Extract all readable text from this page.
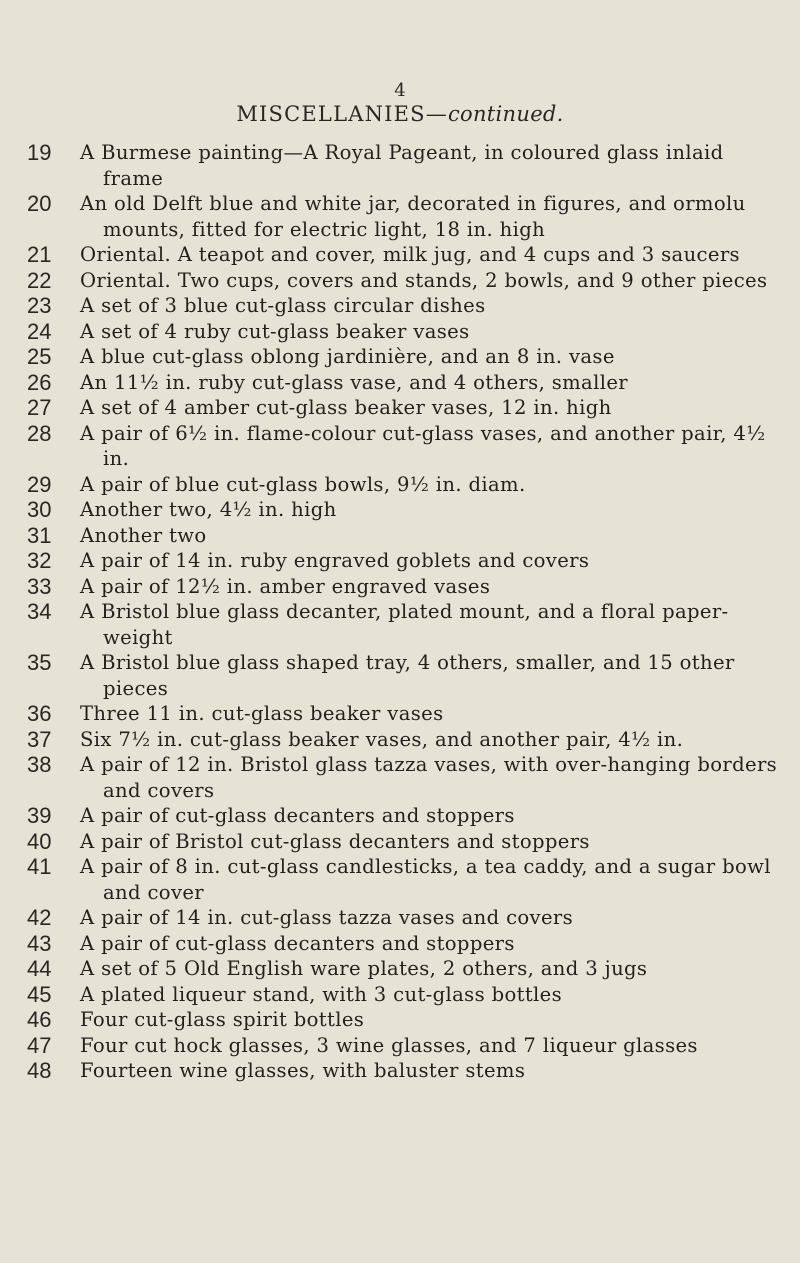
4
MISCELLANIES—continued.
19	A Burmese painting—A Royal Pageant, in coloured glass inlaid frame
20	An old Delft blue and white jar, decorated in figures, and ormolu mounts, fitted for electric light, 18 in. high
21	Oriental. A teapot and cover, milk jug, and 4 cups and 3 saucers
22	Oriental. Two cups, covers and stands, 2 bowls, and 9 other pieces
23	A set of 3 blue cut-glass circular dishes
24	A set of 4 ruby cut-glass beaker vases
25	A blue cut-glass oblong jardinière, and an 8 in. vase
26	An 11½ in. ruby cut-glass vase, and 4 others, smaller
27	A set of 4 amber cut-glass beaker vases, 12 in. high
28	A pair of 6½ in. flame-colour cut-glass vases, and another pair, 4½ in.
29	A pair of blue cut-glass bowls, 9½ in. diam.
30	Another two, 4½ in. high
31	Another two
32	A pair of 14 in. ruby engraved goblets and covers
33	A pair of 12½ in. amber engraved vases
34	A Bristol blue glass decanter, plated mount, and a floral paper-weight
35	A Bristol blue glass shaped tray, 4 others, smaller, and 15 other pieces
36	Three 11 in. cut-glass beaker vases
37	Six 7½ in. cut-glass beaker vases, and another pair, 4½ in.
38	A pair of 12 in. Bristol glass tazza vases, with over-hanging borders and covers
39	A pair of cut-glass decanters and stoppers
40	A pair of Bristol cut-glass decanters and stoppers
41	A pair of 8 in. cut-glass candlesticks, a tea caddy, and a sugar bowl and cover
42	A pair of 14 in. cut-glass tazza vases and covers
43	A pair of cut-glass decanters and stoppers
44	A set of 5 Old English ware plates, 2 others, and 3 jugs
45	A plated liqueur stand, with 3 cut-glass bottles
46	Four cut-glass spirit bottles
47	Four cut hock glasses, 3 wine glasses, and 7 liqueur glasses
48	Fourteen wine glasses, with baluster stems
